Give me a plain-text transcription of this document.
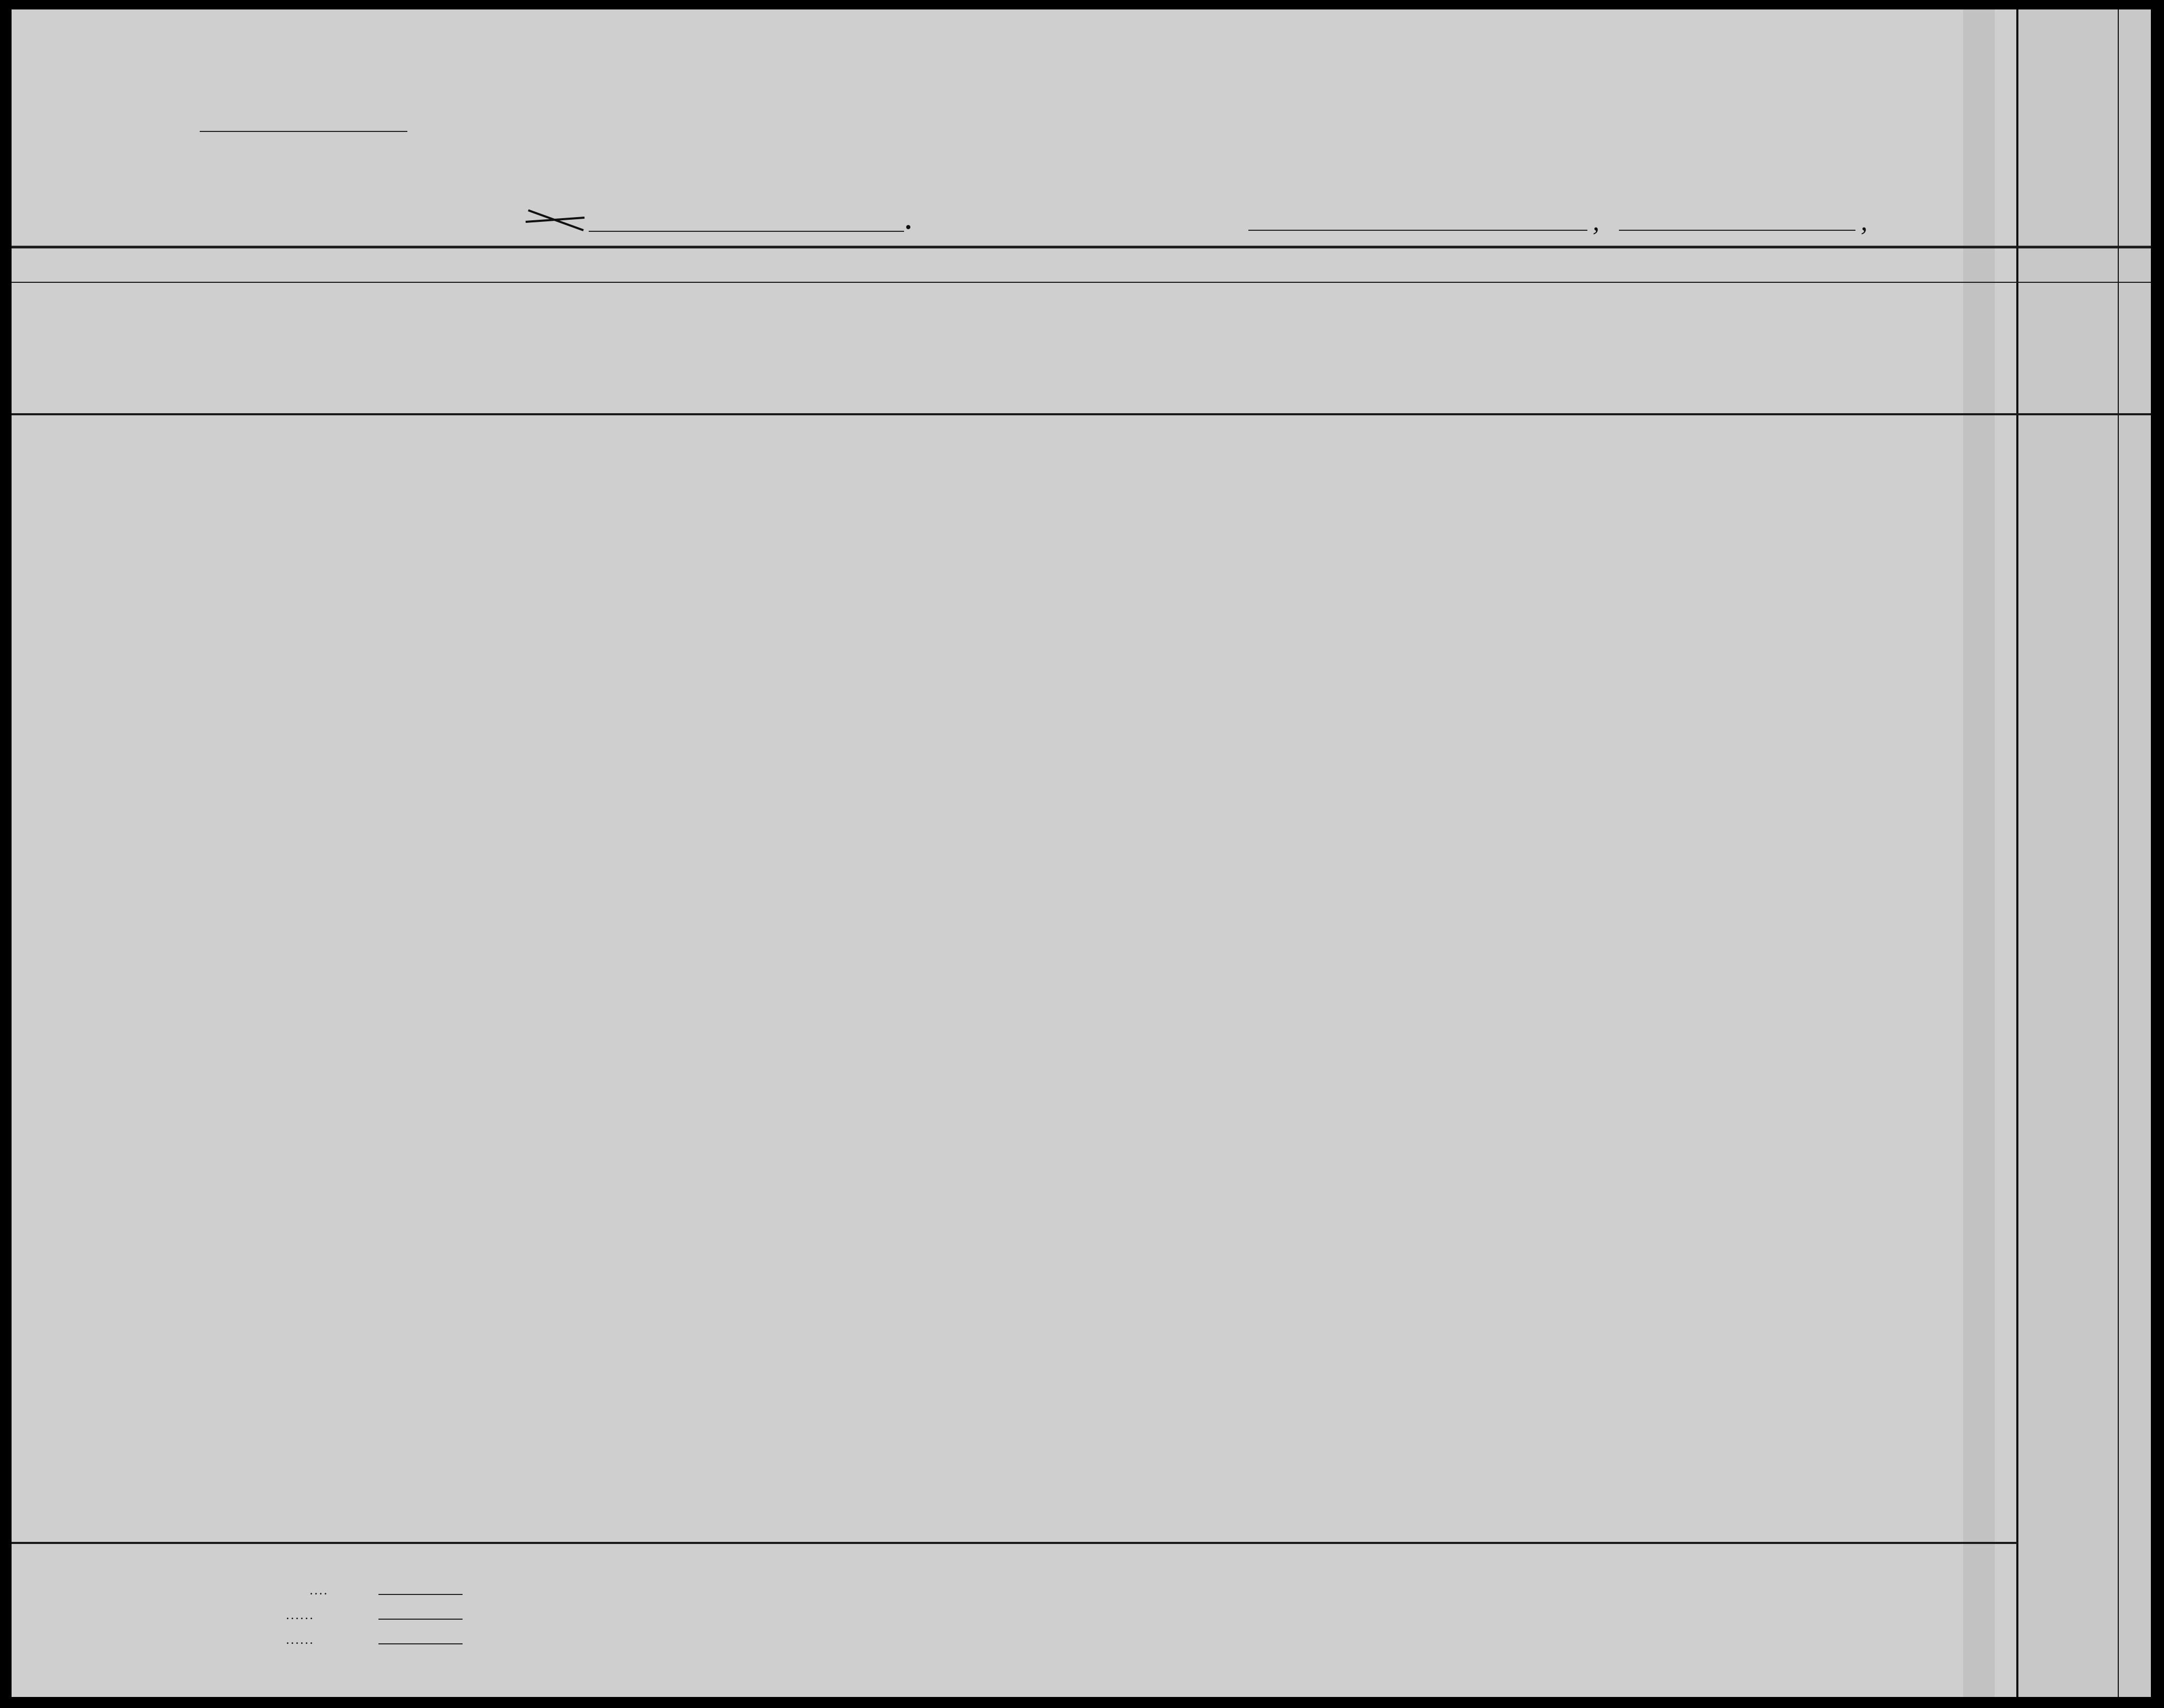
,	,
. . . .
. . . . . .
. . . . . .
